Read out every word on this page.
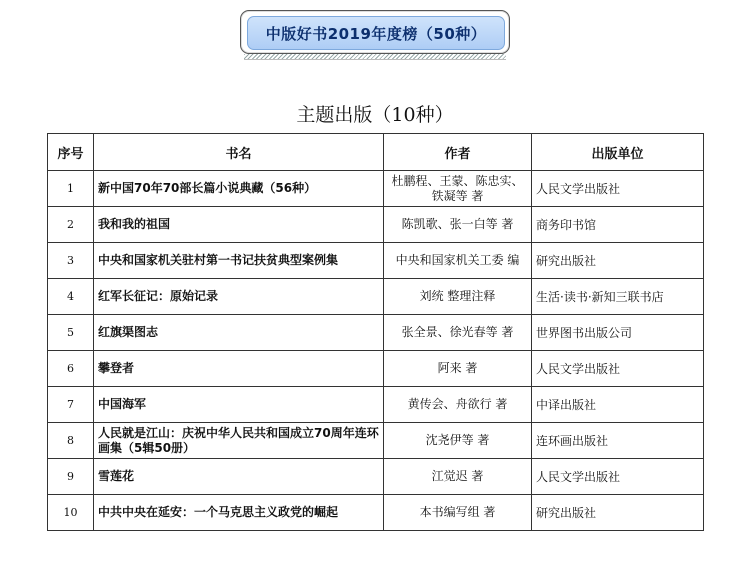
中版好书2019年度榜（50种）
主题出版（10种）
序号	书名	作者	出版单位
1	新中国70年70部长篇小说典藏（56种）	杜鹏程、王蒙、陈忠实、铁凝等 著	人民文学出版社
2	我和我的祖国	陈凯歌、张一白等 著	商务印书馆
3	中央和国家机关驻村第一书记扶贫典型案例集	中央和国家机关工委 编	研究出版社
4	红军长征记：原始记录	刘统 整理注释	生活·读书·新知三联书店
5	红旗渠图志	张全景、徐光春等 著	世界图书出版公司
6	攀登者	阿来 著	人民文学出版社
7	中国海军	黄传会、舟欲行 著	中译出版社
8	人民就是江山：庆祝中华人民共和国成立70周年连环画集（5辑50册）	沈尧伊等 著	连环画出版社
9	雪莲花	江觉迟 著	人民文学出版社
10	中共中央在延安：一个马克思主义政党的崛起	本书编写组 著	研究出版社
